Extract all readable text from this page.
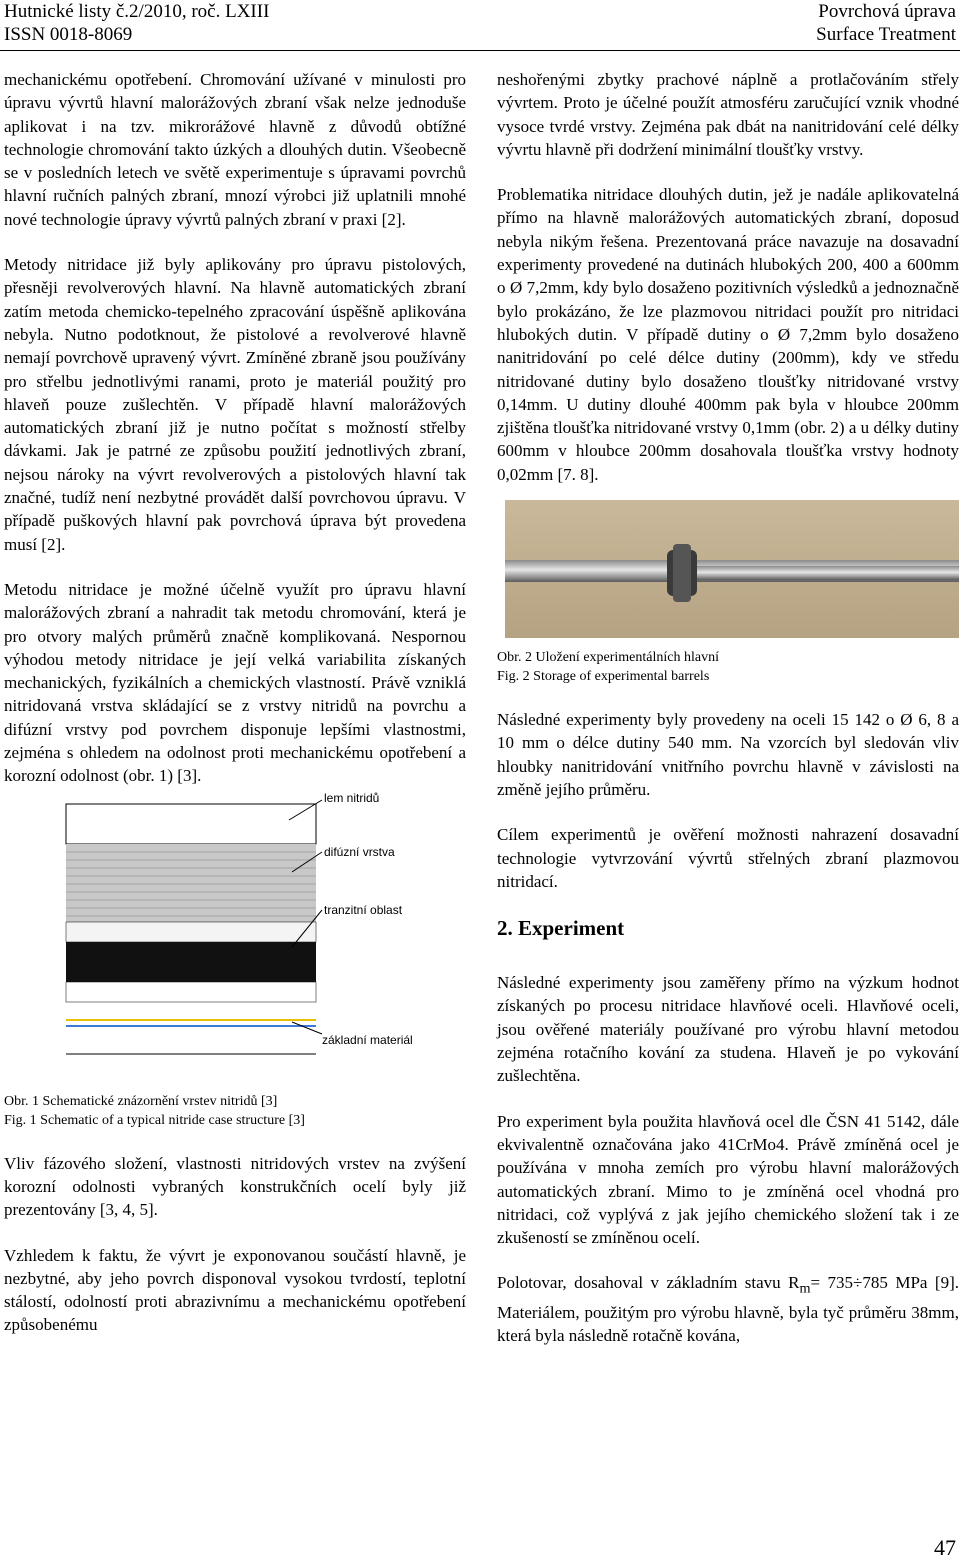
Hutnické listy č.2/2010, roč. LXIII
ISSN 0018-8069
Povrchová úprava
Surface Treatment

mechanickému opotřebení. Chromování užívané v minulosti pro úpravu vývrtů hlavní malorážových zbraní však nelze jednoduše aplikovat i na tzv. mikrorážové hlavně z důvodů obtížné technologie chromování takto úzkých a dlouhých dutin. Všeobecně se v posledních letech ve světě experimentuje s úpravami povrchů hlavní ručních palných zbraní, mnozí výrobci již uplatnili mnohé nové technologie úpravy vývrtů palných zbraní v praxi [2].

Metody nitridace již byly aplikovány pro úpravu pistolových, přesněji revolverových hlavní. Na hlavně automatických zbraní zatím metoda chemicko-tepelného zpracování úspěšně aplikována nebyla. Nutno podotknout, že pistolové a revolverové hlavně nemají povrchově upravený vývrt. Zmíněné zbraně jsou používány pro střelbu jednotlivými ranami, proto je materiál použitý pro hlaveň pouze zušlechtěn. V případě hlavní malorážových automatických zbraní již je nutno počítat s možností střelby dávkami. Jak je patrné ze způsobu použití jednotlivých zbraní, nejsou nároky na vývrt revolverových a pistolových hlavní tak značné, tudíž není nezbytné provádět další povrchovou úpravu. V případě puškových hlavní pak povrchová úprava být provedena musí [2].

Metodu nitridace je možné účelně využít pro úpravu hlavní malorážových zbraní a nahradit tak metodu chromování, která je pro otvory malých průměrů značně komplikovaná. Nespornou výhodou metody nitridace je její velká variabilita získaných mechanických, fyzikálních a chemických vlastností. Právě vzniklá nitridovaná vrstva skládající se z vrstvy nitridů na povrchu a difúzní vrstvy pod povrchem disponuje lepšími vlastnostmi, zejména s ohledem na odolnost proti mechanickému opotřebení a korozní odolnost (obr. 1) [3].

lem nitridů
difúzní vrstva
tranzitní oblast
základní materiál
Obr. 1 Schematické znázornění vrstev nitridů [3]
Fig. 1 Schematic of a typical nitride case structure [3]

Vliv fázového složení, vlastnosti nitridových vrstev na zvýšení korozní odolnosti vybraných konstrukčních ocelí byly již prezentovány [3, 4, 5].

Vzhledem k faktu, že vývrt je exponovanou součástí hlavně, je nezbytné, aby jeho povrch disponoval vysokou tvrdostí, teplotní stálostí, odolností proti abrazivnímu a mechanickému opotřebení způsobenému

neshořenými zbytky prachové náplně a protlačováním střely vývrtem. Proto je účelné použít atmosféru zaručující vznik vhodné vysoce tvrdé vrstvy. Zejména pak dbát na nanitridování celé délky vývrtu hlavně při dodržení minimální tloušťky vrstvy.

Problematika nitridace dlouhých dutin, jež je nadále aplikovatelná přímo na hlavně malorážových automatických zbraní, doposud nebyla nikým řešena. Prezentovaná práce navazuje na dosavadní experimenty provedené na dutinách hlubokých 200, 400 a 600mm o Ø 7,2mm, kdy bylo dosaženo pozitivních výsledků a jednoznačně bylo prokázáno, že lze plazmovou nitridaci použít pro nitridaci hlubokých dutin. V případě dutiny o Ø 7,2mm bylo dosaženo nanitridování po celé délce dutiny (200mm), kdy ve středu nitridované dutiny bylo dosaženo tloušťky nitridované vrstvy 0,14mm. U dutiny dlouhé 400mm pak byla v hloubce 200mm zjištěna tloušťka nitridované vrstvy 0,1mm (obr. 2) a u délky dutiny 600mm v hloubce 200mm dosahovala tloušťka vrstvy hodnoty 0,02mm [7. 8].

Obr. 2 Uložení experimentálních hlavní
Fig. 2 Storage of experimental barrels

Následné experimenty byly provedeny na oceli 15 142 o Ø 6, 8 a 10 mm o délce dutiny 540 mm. Na vzorcích byl sledován vliv hloubky nanitridování vnitřního povrchu hlavně v závislosti na změně jejího průměru.

Cílem experimentů je ověření možnosti nahrazení dosavadní technologie vytvrzování vývrtů střelných zbraní plazmovou nitridací.

2. Experiment

Následné experimenty jsou zaměřeny přímo na výzkum hodnot získaných po procesu nitridace hlavňové oceli. Hlavňové oceli, jsou ověřené materiály používané pro výrobu hlavní metodou zejména rotačního kování za studena. Hlaveň je po vykování zušlechtěna.

Pro experiment byla použita hlavňová ocel dle ČSN 41 5142, dále ekvivalentně označována jako 41CrMo4. Právě zmíněná ocel je používána v mnoha zemích pro výrobu hlavní malorážových automatických zbraní. Mimo to je zmíněná ocel vhodná pro nitridaci, což vyplývá z jak jejího chemického složení tak i ze zkušeností se zmíněnou ocelí.

Polotovar, dosahoval v základním stavu $R_m= 735\div 785$ MPa [9]. Materiálem, použitým pro výrobu hlavně, byla tyč průměru 38mm, která byla následně rotačně kována,

47
